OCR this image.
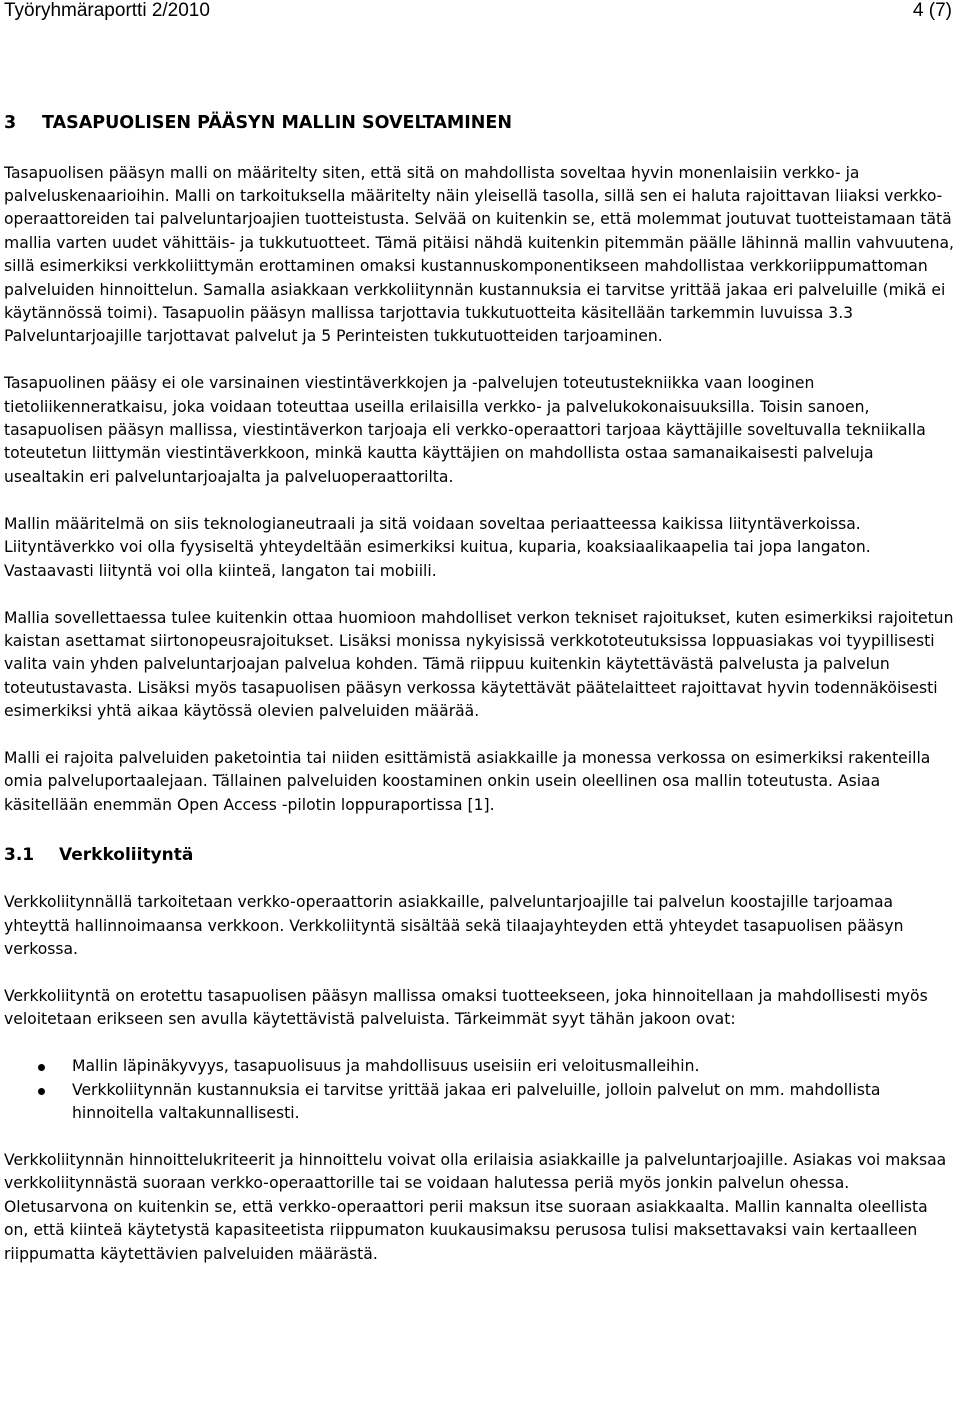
Työryhmäraportti 2/2010	4 (7)
3 TASAPUOLISEN PÄÄSYN MALLIN SOVELTAMINEN

Tasapuolisen pääsyn malli on määritelty siten, että sitä on mahdollista soveltaa hyvin monenlaisiin verkko- ja palveluskenaarioihin. Malli on tarkoituksella määritelty näin yleisellä tasolla, sillä sen ei haluta rajoittavan liiaksi verkko-operaattoreiden tai palveluntarjoajien tuotteistusta. Selvää on kuitenkin se, että molemmat joutuvat tuotteistamaan tätä mallia varten uudet vähittäis- ja tukkutuotteet. Tämä pitäisi nähdä kuitenkin pitemmän päälle lähinnä mallin vahvuutena, sillä esimerkiksi verkkoliittymän erottaminen omaksi kustannuskomponentikseen mahdollistaa verkkoriippumattoman palveluiden hinnoittelun. Samalla asiakkaan verkkoliitynnän kustannuksia ei tarvitse yrittää jakaa eri palveluille (mikä ei käytännössä toimi). Tasapuolin pääsyn mallissa tarjottavia tukkutuotteita käsitellään tarkemmin luvuissa 3.3 Palveluntarjoajille tarjottavat palvelut ja 5 Perinteisten tukkutuotteiden tarjoaminen.

Tasapuolinen pääsy ei ole varsinainen viestintäverkkojen ja -palvelujen toteutustekniikka vaan looginen tietoliikenneratkaisu, joka voidaan toteuttaa useilla erilaisilla verkko- ja palvelukokonaisuuksilla. Toisin sanoen, tasapuolisen pääsyn mallissa, viestintäverkon tarjoaja eli verkko-operaattori tarjoaa käyttäjille soveltuvalla tekniikalla toteutetun liittymän viestintäverkkoon, minkä kautta käyttäjien on mahdollista ostaa samanaikaisesti palveluja usealtakin eri palveluntarjoajalta ja palveluoperaattorilta.

Mallin määritelmä on siis teknologianeutraali ja sitä voidaan soveltaa periaatteessa kaikissa liityntäverkoissa. Liityntäverkko voi olla fyysiseltä yhteydeltään esimerkiksi kuitua, kuparia, koaksiaalikaapelia tai jopa langaton. Vastaavasti liityntä voi olla kiinteä, langaton tai mobiili.

Mallia sovellettaessa tulee kuitenkin ottaa huomioon mahdolliset verkon tekniset rajoitukset, kuten esimerkiksi rajoitetun kaistan asettamat siirtonopeusrajoitukset. Lisäksi monissa nykyisissä verkkototeutuksissa loppuasiakas voi tyypillisesti valita vain yhden palveluntarjoajan palvelua kohden. Tämä riippuu kuitenkin käytettävästä palvelusta ja palvelun toteutustavasta. Lisäksi myös tasapuolisen pääsyn verkossa käytettävät päätelaitteet rajoittavat hyvin todennäköisesti esimerkiksi yhtä aikaa käytössä olevien palveluiden määrää.

Malli ei rajoita palveluiden paketointia tai niiden esittämistä asiakkaille ja monessa verkossa on esimerkiksi rakenteilla omia palveluportaalejaan. Tällainen palveluiden koostaminen onkin usein oleellinen osa mallin toteutusta. Asiaa käsitellään enemmän Open Access -pilotin loppuraportissa [1].

3.1 Verkkoliityntä

Verkkoliitynnällä tarkoitetaan verkko-operaattorin asiakkaille, palveluntarjoajille tai palvelun koostajille tarjoamaa yhteyttä hallinnoimaansa verkkoon. Verkkoliityntä sisältää sekä tilaajayhteyden että yhteydet tasapuolisen pääsyn verkossa.

Verkkoliityntä on erotettu tasapuolisen pääsyn mallissa omaksi tuotteekseen, joka hinnoitellaan ja mahdollisesti myös veloitetaan erikseen sen avulla käytettävistä palveluista. Tärkeimmät syyt tähän jakoon ovat:

Mallin läpinäkyvyys, tasapuolisuus ja mahdollisuus useisiin eri veloitusmalleihin.
Verkkoliitynnän kustannuksia ei tarvitse yrittää jakaa eri palveluille, jolloin palvelut on mm. mahdollista hinnoitella valtakunnallisesti.

Verkkoliitynnän hinnoittelukriteerit ja hinnoittelu voivat olla erilaisia asiakkaille ja palveluntarjoajille. Asiakas voi maksaa verkkoliitynnästä suoraan verkko-operaattorille tai se voidaan halutessa periä myös jonkin palvelun ohessa. Oletusarvona on kuitenkin se, että verkko-operaattori perii maksun itse suoraan asiakkaalta. Mallin kannalta oleellista on, että kiinteä käytetystä kapasiteetista riippumaton kuukausimaksu perusosa tulisi maksettavaksi vain kertaalleen riippumatta käytettävien palveluiden määrästä.
